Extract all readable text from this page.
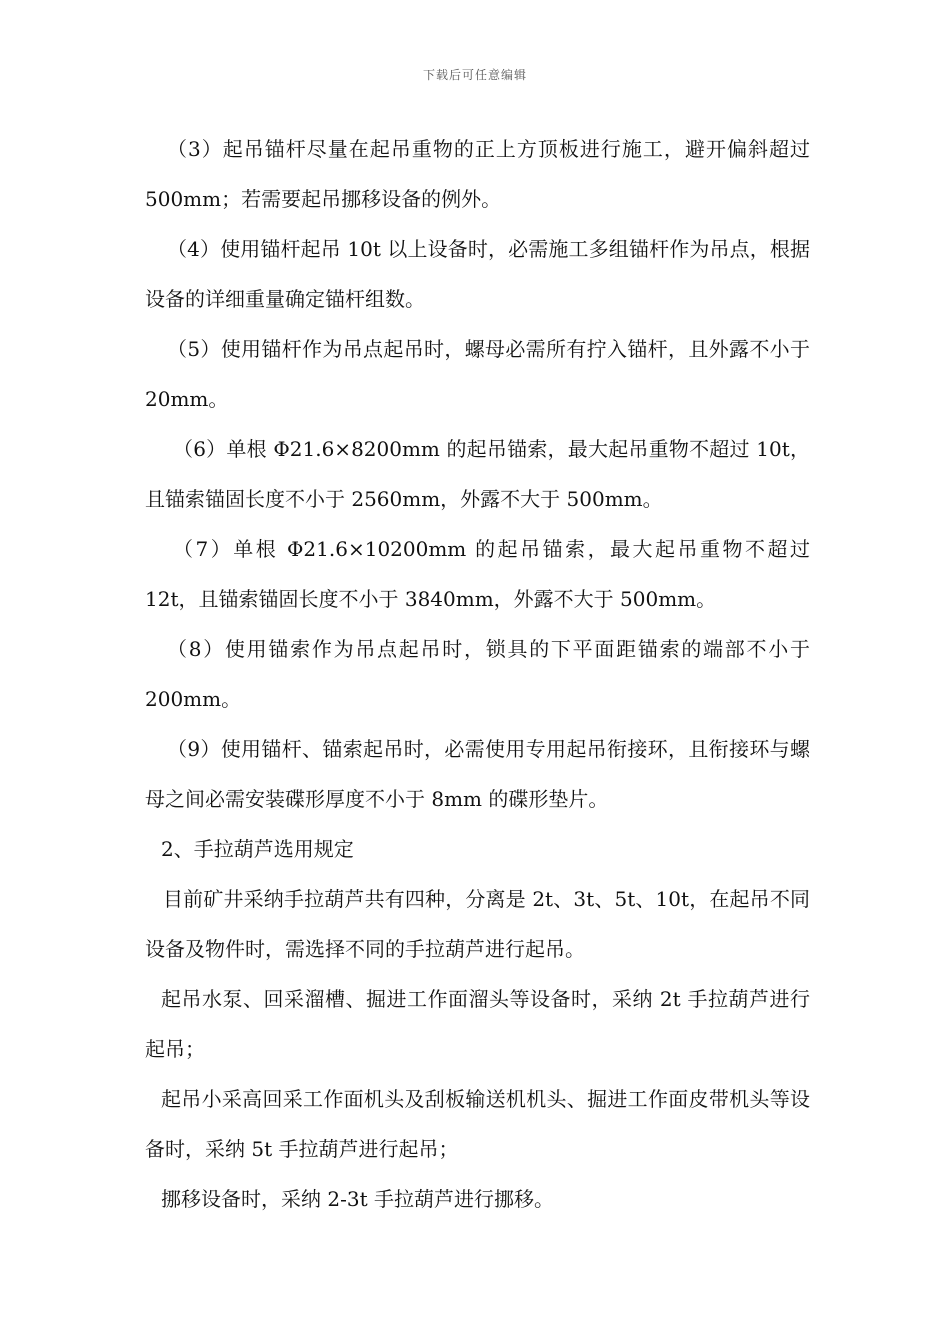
下载后可任意编辑

（3）起吊锚杆尽量在起吊重物的正上方顶板进行施工，避开偏斜超过 500mm；若需要起吊挪移设备的例外。

（4）使用锚杆起吊 10t 以上设备时，必需施工多组锚杆作为吊点，根据设备的详细重量确定锚杆组数。

（5）使用锚杆作为吊点起吊时，螺母必需所有拧入锚杆，且外露不小于 20mm。

（6）单根 Φ21.6×8200mm 的起吊锚索，最大起吊重物不超过 10t，且锚索锚固长度不小于 2560mm，外露不大于 500mm。

（7）单根 Φ21.6×10200mm 的起吊锚索，最大起吊重物不超过 12t，且锚索锚固长度不小于 3840mm，外露不大于 500mm。

（8）使用锚索作为吊点起吊时，锁具的下平面距锚索的端部不小于 200mm。

（9）使用锚杆、锚索起吊时，必需使用专用起吊衔接环，且衔接环与螺母之间必需安装碟形厚度不小于 8mm 的碟形垫片。

2、手拉葫芦选用规定

目前矿井采纳手拉葫芦共有四种，分离是 2t、3t、5t、10t，在起吊不同设备及物件时，需选择不同的手拉葫芦进行起吊。

起吊水泵、回采溜槽、掘进工作面溜头等设备时，采纳 2t 手拉葫芦进行起吊；

起吊小采高回采工作面机头及刮板输送机机头、掘进工作面皮带机头等设备时，采纳 5t 手拉葫芦进行起吊；

挪移设备时，采纳 2-3t 手拉葫芦进行挪移。
